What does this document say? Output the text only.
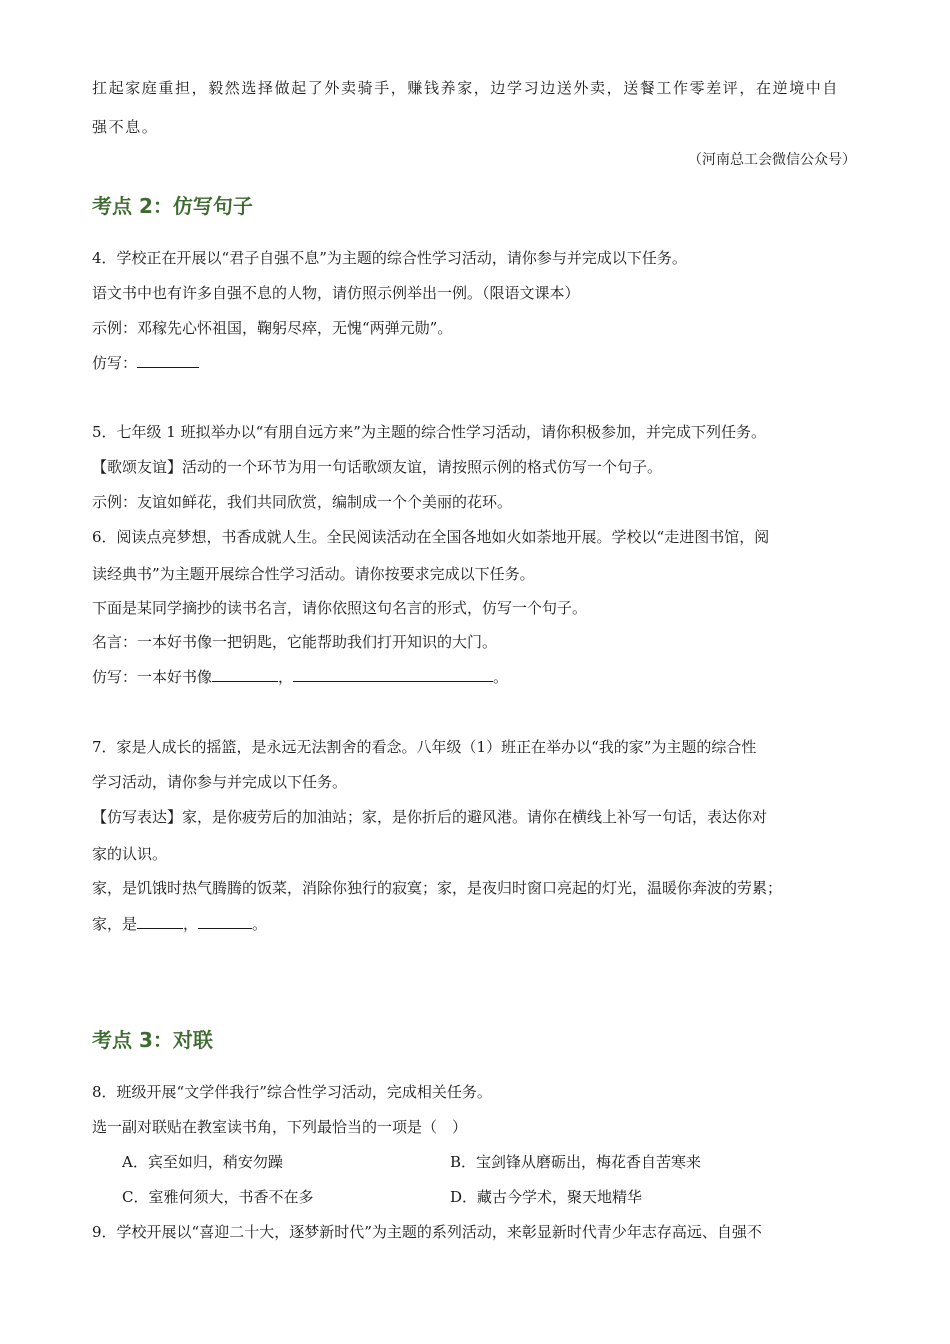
扛起家庭重担，毅然选择做起了外卖骑手，赚钱养家，边学习边送外卖，送餐工作零差评，在逆境中自

强不息。

（河南总工会微信公众号）

考点 2：仿写句子

4．学校正在开展以“君子自强不息”为主题的综合性学习活动，请你参与并完成以下任务。

语文书中也有许多自强不息的人物，请仿照示例举出一例。（限语文课本）

示例：邓稼先心怀祖国，鞠躬尽瘁，无愧“两弹元勋”。

仿写：

5．七年级 1 班拟举办以“有朋自远方来”为主题的综合性学习活动，请你积极参加，并完成下列任务。

【歌颂友谊】活动的一个环节为用一句话歌颂友谊，请按照示例的格式仿写一个句子。

示例：友谊如鲜花，我们共同欣赏，编制成一个个美丽的花环。

6．阅读点亮梦想，书香成就人生。全民阅读活动在全国各地如火如荼地开展。学校以“走进图书馆，阅

读经典书”为主题开展综合性学习活动。请你按要求完成以下任务。

下面是某同学摘抄的读书名言，请你依照这句名言的形式，仿写一个句子。

名言：一本好书像一把钥匙，它能帮助我们打开知识的大门。

仿写：一本好书像	，	。

7．家是人成长的摇篮，是永远无法割舍的看念。八年级（1）班正在举办以“我的家”为主题的综合性

学习活动，请你参与并完成以下任务。

【仿写表达】家，是你疲劳后的加油站；家，是你折后的避风港。请你在横线上补写一句话，表达你对

家的认识。

家，是饥饿时热气腾腾的饭菜，消除你独行的寂寞；家，是夜归时窗口亮起的灯光，温暖你奔波的劳累；

家，是	，	。

考点 3：对联

8．班级开展“文学伴我行”综合性学习活动，完成相关任务。

选一副对联贴在教室读书角，下列最恰当的一项是（　）

A．宾至如归，稍安勿躁	B．宝剑锋从磨砺出，梅花香自苦寒来
C．室雅何须大，书香不在多	D．藏古今学术，聚天地精华

9．学校开展以“喜迎二十大，逐梦新时代”为主题的系列活动，来彰显新时代青少年志存高远、自强不
